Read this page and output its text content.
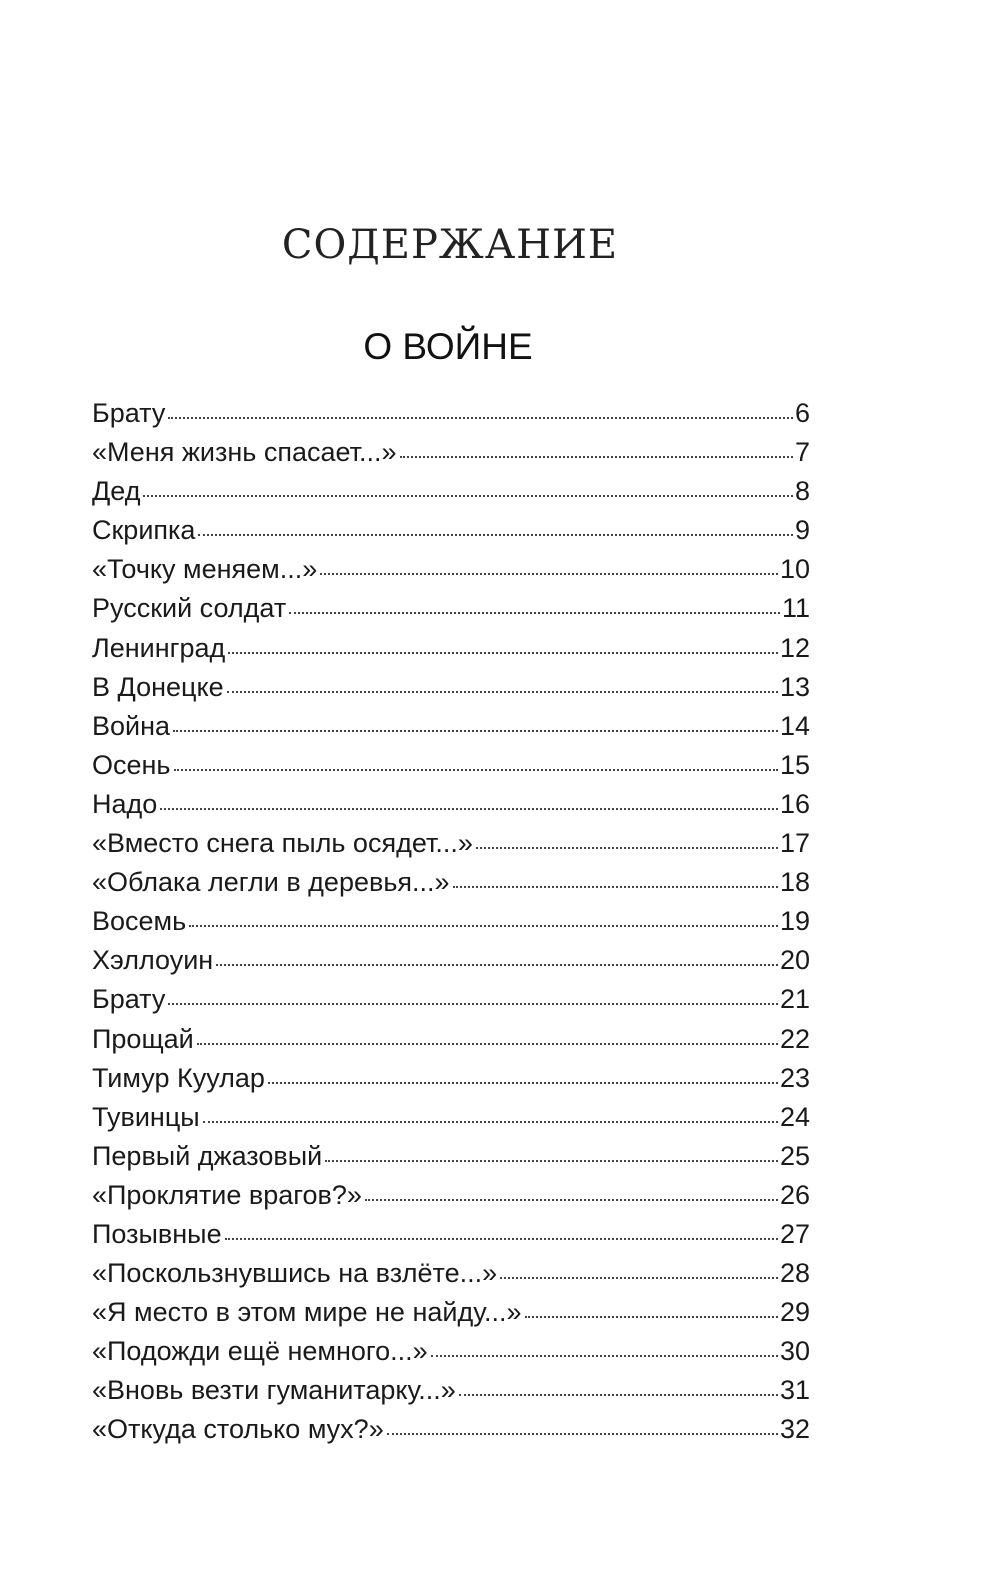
СОДЕРЖАНИЕ
О ВОЙНЕ
Брату	6
«Меня жизнь спасает...»	7
Дед	8
Скрипка	9
«Точку меняем...»	10
Русский солдат	11
Ленинград	12
В Донецке	13
Война	14
Осень	15
Надо	16
«Вместо снега пыль осядет...»	17
«Облака легли в деревья...»	18
Восемь	19
Хэллоуин	20
Брату	21
Прощай	22
Тимур Куулар	23
Тувинцы	24
Первый джазовый	25
«Проклятие врагов?»	26
Позывные	27
«Поскользнувшись на взлёте...»	28
«Я место в этом мире не найду...»	29
«Подожди ещё немного...»	30
«Вновь везти гуманитарку...»	31
«Откуда столько мух?»	32
